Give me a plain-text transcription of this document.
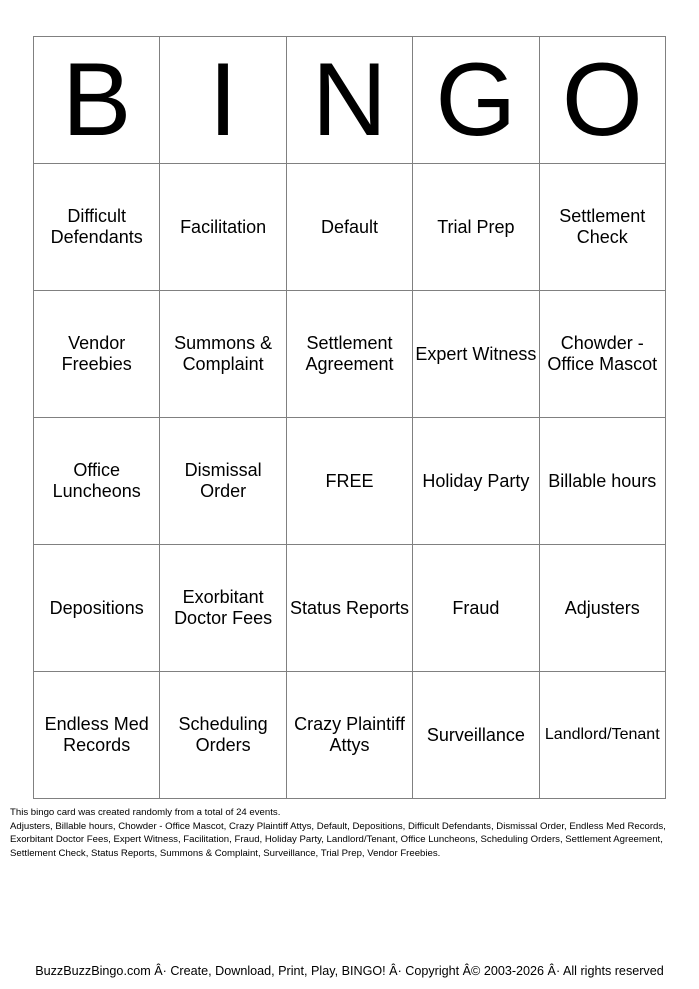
B	I	N	G	O
Difficult Defendants	Facilitation	Default	Trial Prep	Settlement Check
Vendor Freebies	Summons & Complaint	Settlement Agreement	Expert Witness	Chowder - Office Mascot
Office Luncheons	Dismissal Order	FREE	Holiday Party	Billable hours
Depositions	Exorbitant Doctor Fees	Status Reports	Fraud	Adjusters
Endless Med Records	Scheduling Orders	Crazy Plaintiff Attys	Surveillance	Landlord/Tenant
This bingo card was created randomly from a total of 24 events.
Adjusters, Billable hours, Chowder - Office Mascot, Crazy Plaintiff Attys, Default, Depositions, Difficult Defendants, Dismissal Order, Endless Med Records,
Exorbitant Doctor Fees, Expert Witness, Facilitation, Fraud, Holiday Party, Landlord/Tenant, Office Luncheons, Scheduling Orders, Settlement Agreement,
Settlement Check, Status Reports, Summons & Complaint, Surveillance, Trial Prep, Vendor Freebies.
BuzzBuzzBingo.com Â· Create, Download, Print, Play, BINGO! Â· Copyright Â© 2003-2026 Â· All rights reserved
